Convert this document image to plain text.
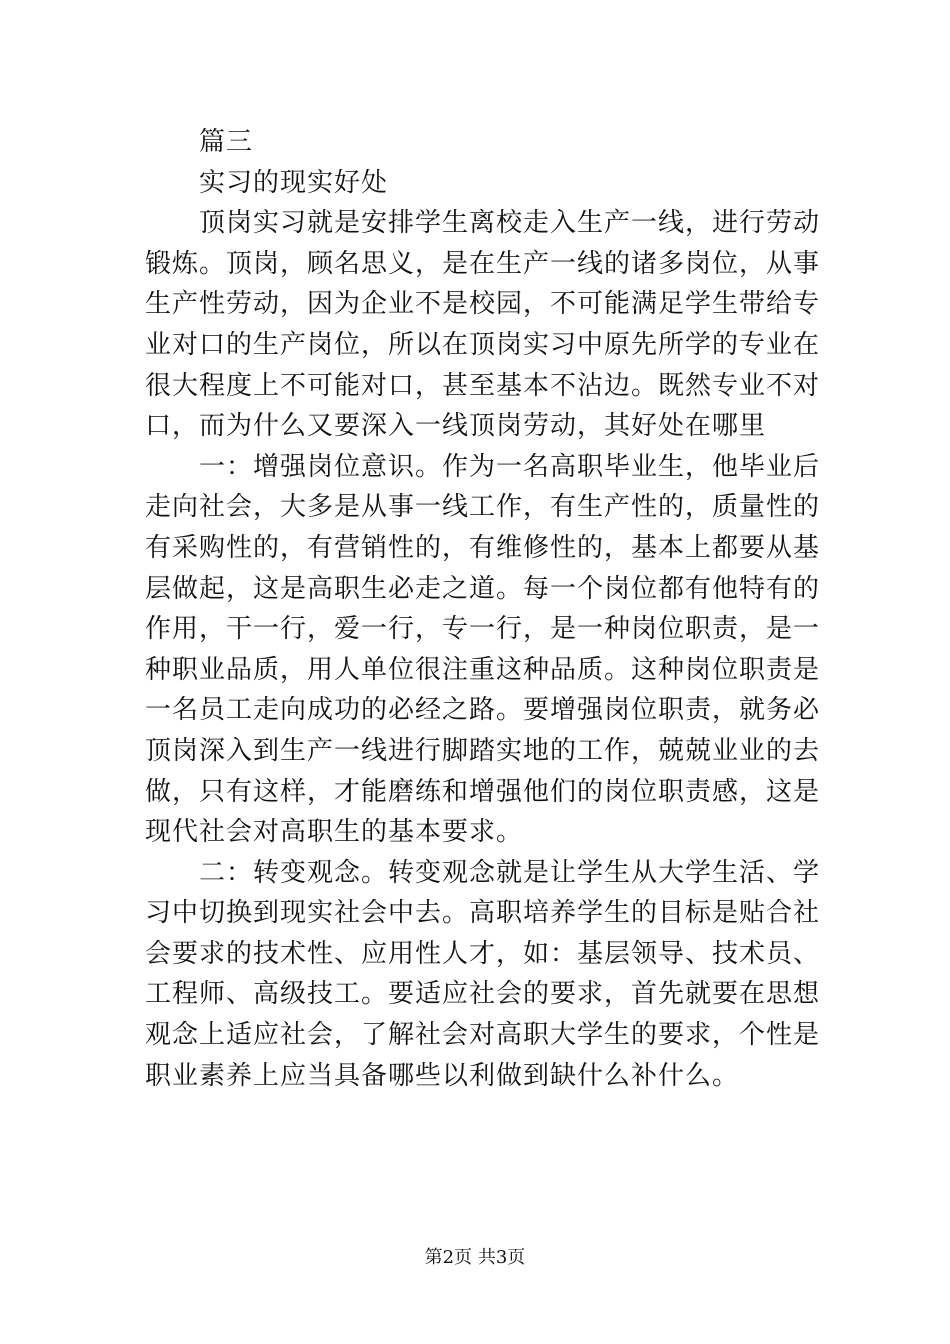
　　篇三
　　实习的现实好处
　　顶岗实习就是安排学生离校走入生产一线，进行劳动
锻炼。顶岗，顾名思义，是在生产一线的诸多岗位，从事
生产性劳动，因为企业不是校园，不可能满足学生带给专
业对口的生产岗位，所以在顶岗实习中原先所学的专业在
很大程度上不可能对口，甚至基本不沾边。既然专业不对
口，而为什么又要深入一线顶岗劳动，其好处在哪里
　　一：增强岗位意识。作为一名高职毕业生，他毕业后
走向社会，大多是从事一线工作，有生产性的，质量性的
有采购性的，有营销性的，有维修性的，基本上都要从基
层做起，这是高职生必走之道。每一个岗位都有他特有的
作用，干一行，爱一行，专一行，是一种岗位职责，是一
种职业品质，用人单位很注重这种品质。这种岗位职责是
一名员工走向成功的必经之路。要增强岗位职责，就务必
顶岗深入到生产一线进行脚踏实地的工作，兢兢业业的去
做，只有这样，才能磨练和增强他们的岗位职责感，这是
现代社会对高职生的基本要求。
　　二：转变观念。转变观念就是让学生从大学生活、学
习中切换到现实社会中去。高职培养学生的目标是贴合社
会要求的技术性、应用性人才，如：基层领导、技术员、
工程师、高级技工。要适应社会的要求，首先就要在思想
观念上适应社会，了解社会对高职大学生的要求，个性是
职业素养上应当具备哪些以利做到缺什么补什么。
第2页 共3页
